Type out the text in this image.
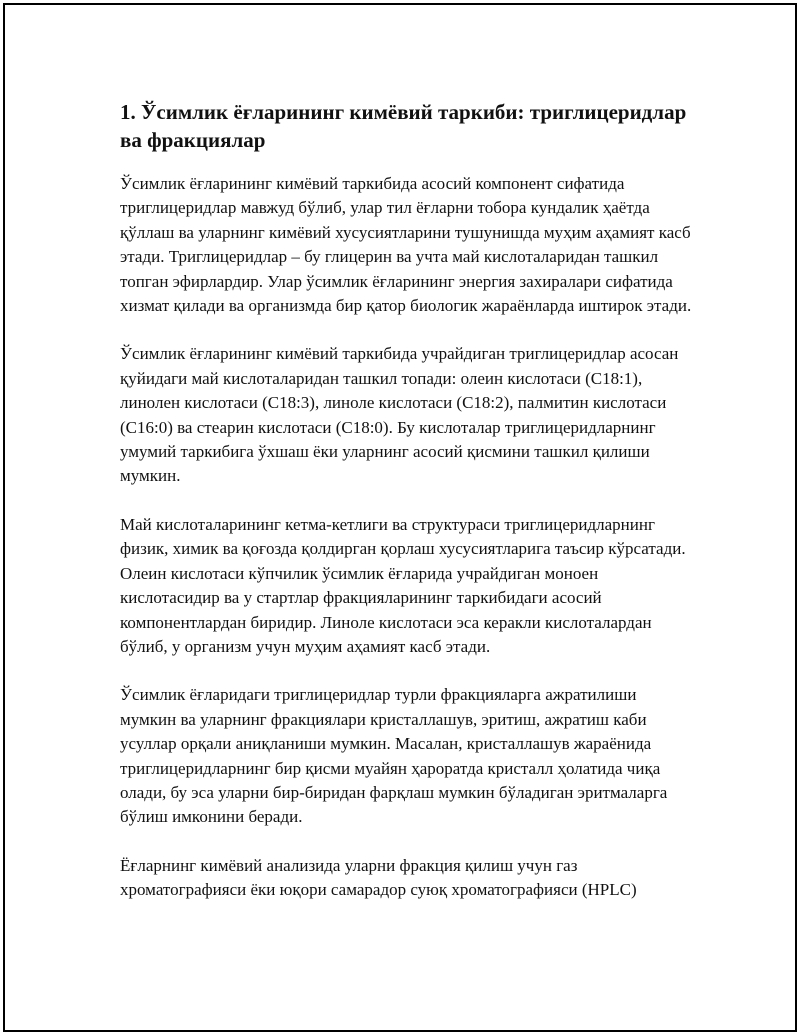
1. Ўсимлик ёғларининг кимёвий таркиби: триглицеридлар ва фракциялар

Ўсимлик ёғларининг кимёвий таркибида асосий компонент сифатида триглицеридлар мавжуд бўлиб, улар тил ёғларни тобора кундалик ҳаётда қўллаш ва уларнинг кимёвий хусусиятларини тушунишда муҳим аҳамият касб этади. Триглицеридлар – бу глицерин ва учта май кислоталаридан ташкил топган эфирлардир. Улар ўсимлик ёғларининг энергия захиралари сифатида хизмат қилади ва организмда бир қатор биологик жараёнларда иштирок этади.

Ўсимлик ёғларининг кимёвий таркибида учрайдиган триглицеридлар асосан қуйидаги май кислоталаридан ташкил топади: олеин кислотаси (C18:1), линолен кислотаси (C18:3), линоле кислотаси (C18:2), палмитин кислотаси (C16:0) ва стеарин кислотаси (C18:0). Бу кислоталар триглицеридларнинг умумий таркибига ўхшаш ёки уларнинг асосий қисмини ташкил қилиши мумкин.

Май кислоталарининг кетма-кетлиги ва структураси триглицеридларнинг физик, химик ва қоғозда қолдирган қорлаш хусусиятларига таъсир кўрсатади. Олеин кислотаси кўпчилик ўсимлик ёғларида учрайдиган моноен кислотасидир ва у стартлар фракцияларининг таркибидаги асосий компонентлардан биридир. Линоле кислотаси эса керакли кислоталардан бўлиб, у организм учун муҳим аҳамият касб этади.

Ўсимлик ёғларидаги триглицеридлар турли фракцияларга ажратилиши мумкин ва уларнинг фракциялари кристаллашув, эритиш, ажратиш каби усуллар орқали аниқланиши мумкин. Масалан, кристаллашув жараёнида триглицеридларнинг бир қисми муайян ҳароратда кристалл ҳолатида чиқа олади, бу эса уларни бир-биридан фарқлаш мумкин бўладиган эритмаларга бўлиш имконини беради.

Ёғларнинг кимёвий анализида уларни фракция қилиш учун газ хроматографияси ёки юқори самарадор суюқ хроматографияси (HPLC)
